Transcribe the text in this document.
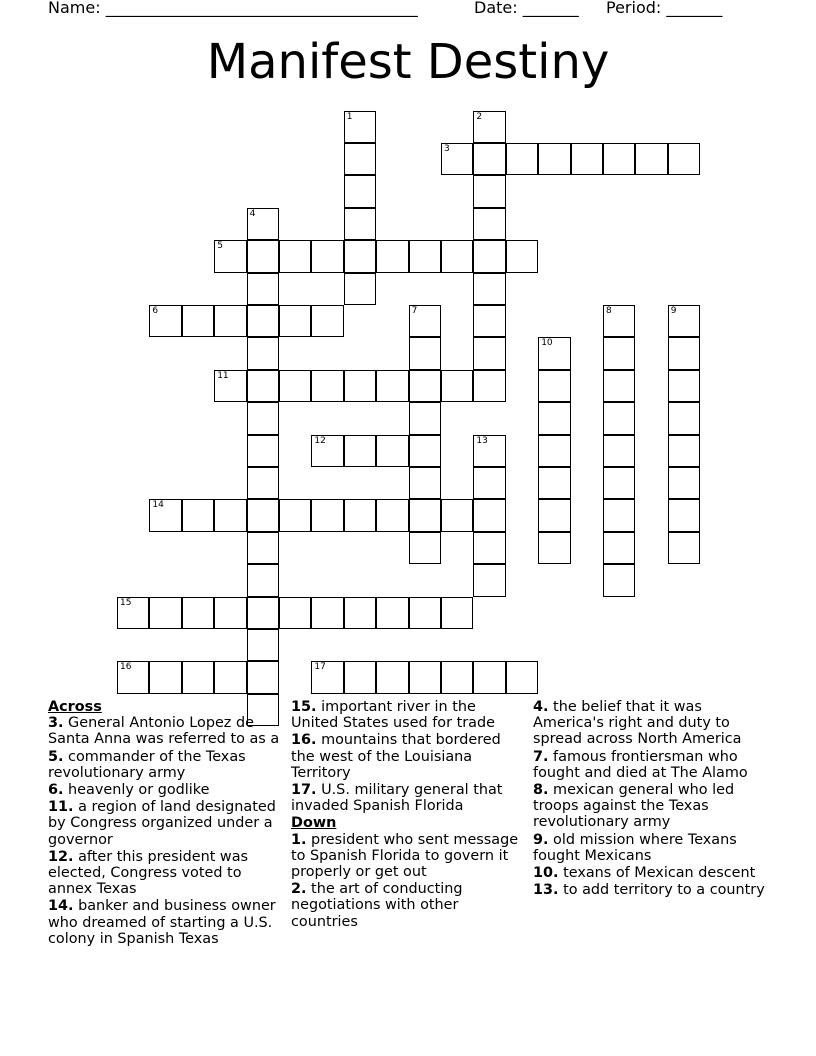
Name: _______________________________________	Date: _______ Period: _______
Manifest Destiny
1	2
3
4
5
6	7	8	9
10
11
12	13
14
15
16	17
Across
3. General Antonio Lopez de Santa Anna was referred to as a
5. commander of the Texas revolutionary army
6. heavenly or godlike
11. a region of land designated by Congress organized under a governor
12. after this president was elected, Congress voted to annex Texas
14. banker and business owner who dreamed of starting a U.S. colony in Spanish Texas
15. important river in the United States used for trade
16. mountains that bordered the west of the Louisiana Territory
17. U.S. military general that invaded Spanish Florida
Down
1. president who sent message to Spanish Florida to govern it properly or get out
2. the art of conducting negotiations with other countries
4. the belief that it was America's right and duty to spread across North America
7. famous frontiersman who fought and died at The Alamo
8. mexican general who led troops against the Texas revolutionary army
9. old mission where Texans fought Mexicans
10. texans of Mexican descent
13. to add territory to a country
